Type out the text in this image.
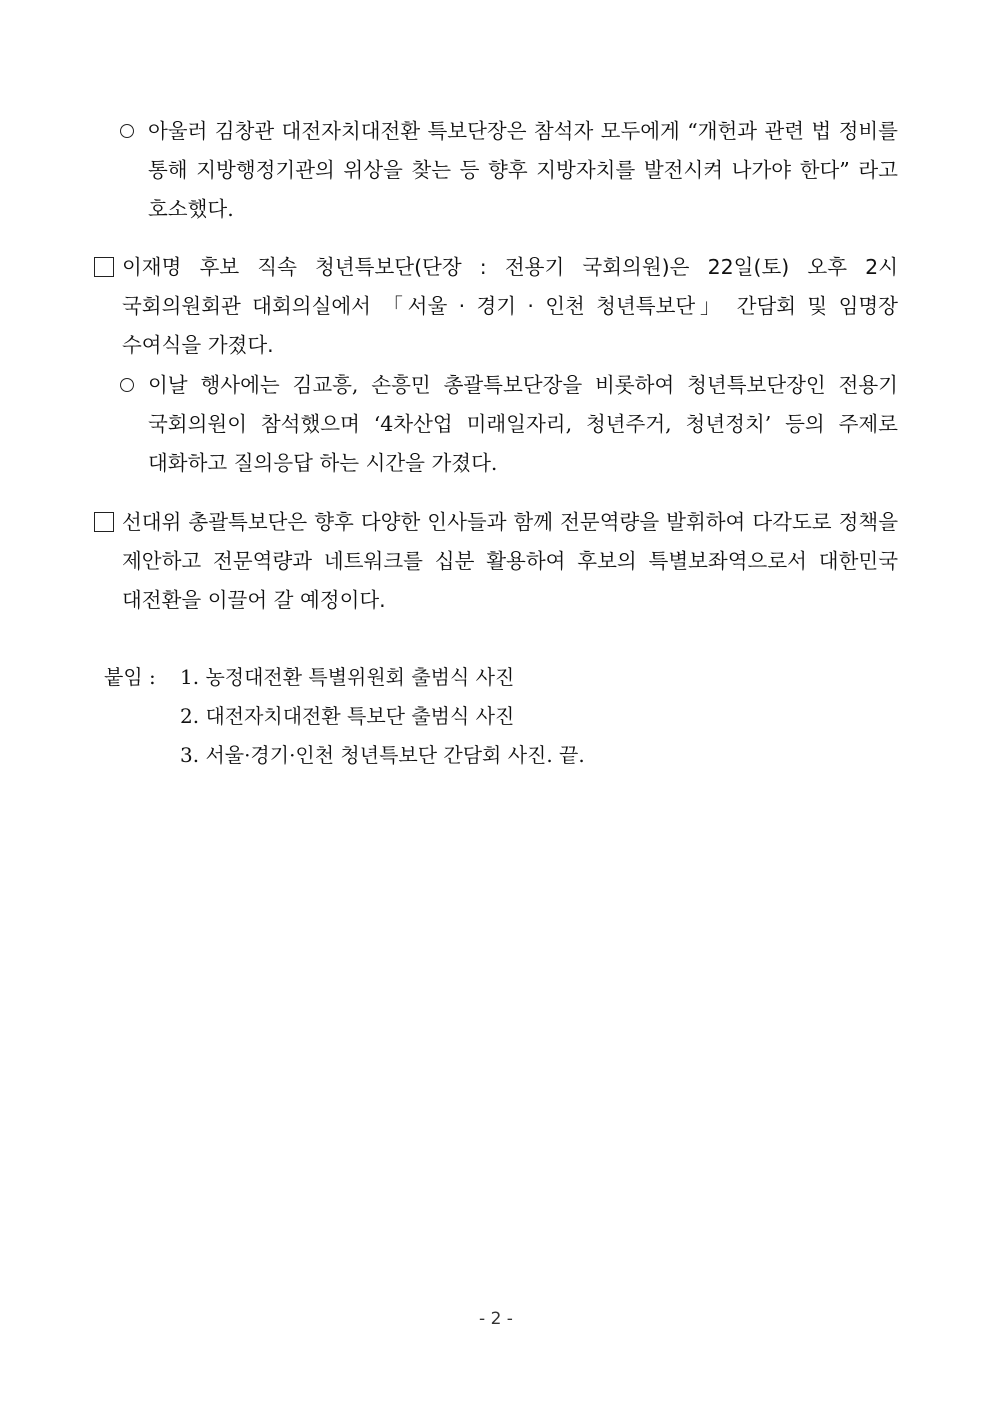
아울러 김창관 대전자치대전환 특보단장은 참석자 모두에게 “개헌과 관련 법 정비를 통해 지방행정기관의 위상을 찾는 등 향후 지방자치를 발전시켜 나가야 한다” 라고 호소했다.
이재명 후보 직속 청년특보단(단장 : 전용기 국회의원)은 22일(토) 오후 2시 국회의원회관 대회의실에서 「서울 · 경기 · 인천 청년특보단」 간담회 및 임명장 수여식을 가졌다.
이날 행사에는 김교흥, 손흥민 총괄특보단장을 비롯하여 청년특보단장인 전용기 국회의원이 참석했으며 ‘4차산업 미래일자리, 청년주거, 청년정치’ 등의 주제로 대화하고 질의응답 하는 시간을 가졌다.
선대위 총괄특보단은 향후 다양한 인사들과 함께 전문역량을 발휘하여 다각도로 정책을 제안하고 전문역량과 네트워크를 십분 활용하여 후보의 특별보좌역으로서 대한민국 대전환을 이끌어 갈 예정이다.
붙임 :	1. 농정대전환 특별위원회 출범식 사진
2. 대전자치대전환 특보단 출범식 사진
3. 서울·경기·인천 청년특보단 간담회 사진. 끝.
- 2 -
